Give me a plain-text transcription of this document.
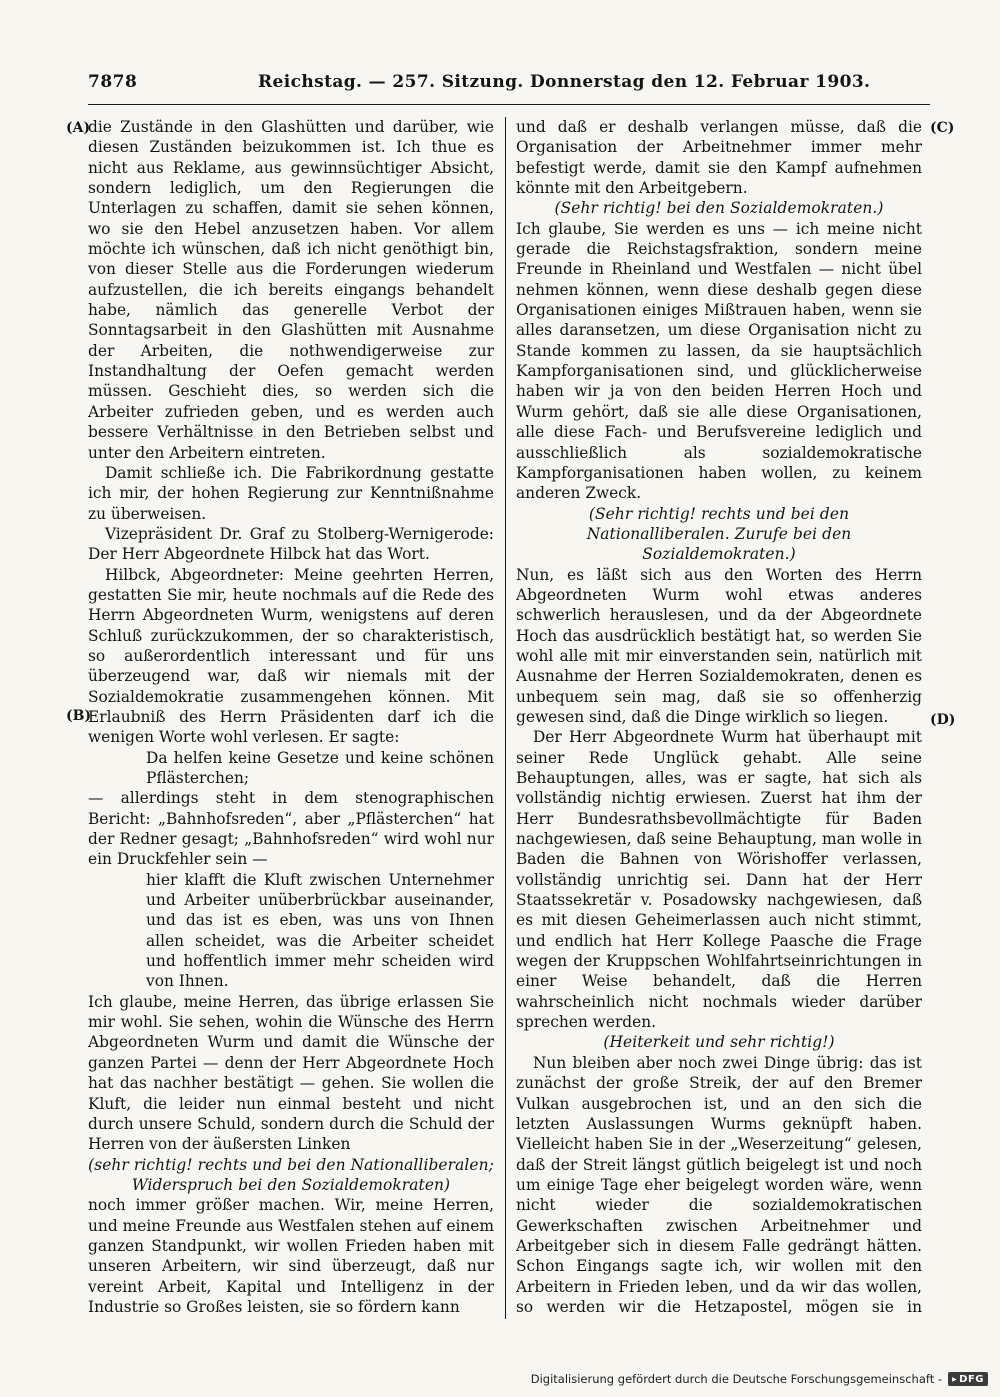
7878	Reichstag. — 257. Sitzung. Donnerstag den 12. Februar 1903.
(A)
(B)
(C)
(D)

die Zustände in den Glashütten und darüber, wie diesen Zuständen beizukommen ist. Ich thue es nicht aus Reklame, aus gewinnsüchtiger Absicht, sondern lediglich, um den Regierungen die Unterlagen zu schaffen, damit sie sehen können, wo sie den Hebel anzusetzen haben. Vor allem möchte ich wünschen, daß ich nicht genöthigt bin, von dieser Stelle aus die Forderungen wiederum aufzustellen, die ich bereits eingangs behandelt habe, nämlich das generelle Verbot der Sonntagsarbeit in den Glashütten mit Ausnahme der Arbeiten, die nothwendigerweise zur Instandhaltung der Oefen gemacht werden müssen. Geschieht dies, so werden sich die Arbeiter zufrieden geben, und es werden auch bessere Verhältnisse in den Betrieben selbst und unter den Arbeitern eintreten.

Damit schließe ich. Die Fabrikordnung gestatte ich mir, der hohen Regierung zur Kenntnißnahme zu überweisen.

Vizepräsident Dr. Graf zu Stolberg-Wernigerode: Der Herr Abgeordnete Hilbck hat das Wort.

Hilbck, Abgeordneter: Meine geehrten Herren, gestatten Sie mir, heute nochmals auf die Rede des Herrn Abgeordneten Wurm, wenigstens auf deren Schluß zurückzukommen, der so charakteristisch, so außerordentlich interessant und für uns überzeugend war, daß wir niemals mit der Sozialdemokratie zusammengehen können. Mit Erlaubniß des Herrn Präsidenten darf ich die wenigen Worte wohl verlesen. Er sagte:

Da helfen keine Gesetze und keine schönen Pflästerchen;

— allerdings steht in dem stenographischen Bericht: „Bahnhofsreden“, aber „Pflästerchen“ hat der Redner gesagt; „Bahnhofsreden“ wird wohl nur ein Druckfehler sein —

hier klafft die Kluft zwischen Unternehmer und Arbeiter unüberbrückbar auseinander, und das ist es eben, was uns von Ihnen allen scheidet, was die Arbeiter scheidet und hoffentlich immer mehr scheiden wird von Ihnen.

Ich glaube, meine Herren, das übrige erlassen Sie mir wohl. Sie sehen, wohin die Wünsche des Herrn Abgeordneten Wurm und damit die Wünsche der ganzen Partei — denn der Herr Abgeordnete Hoch hat das nachher bestätigt — gehen. Sie wollen die Kluft, die leider nun einmal besteht und nicht durch unsere Schuld, sondern durch die Schuld der Herren von der äußersten Linken

(sehr richtig! rechts und bei den Nationalliberalen; Widerspruch bei den Sozialdemokraten)

noch immer größer machen. Wir, meine Herren, und meine Freunde aus Westfalen stehen auf einem ganzen Standpunkt, wir wollen Frieden haben mit unseren Arbeitern, wir sind überzeugt, daß nur vereint Arbeit, Kapital und Intelligenz in der Industrie so Großes leisten, sie so fördern kann

und daß er deshalb verlangen müsse, daß die Organisation der Arbeitnehmer immer mehr befestigt werde, damit sie den Kampf aufnehmen könnte mit den Arbeitgebern.

(Sehr richtig! bei den Sozialdemokraten.)

Ich glaube, Sie werden es uns — ich meine nicht gerade die Reichstagsfraktion, sondern meine Freunde in Rheinland und Westfalen — nicht übel nehmen können, wenn diese deshalb gegen diese Organisationen einiges Mißtrauen haben, wenn sie alles daransetzen, um diese Organisation nicht zu Stande kommen zu lassen, da sie hauptsächlich Kampforganisationen sind, und glücklicherweise haben wir ja von den beiden Herren Hoch und Wurm gehört, daß sie alle diese Organisationen, alle diese Fach- und Berufsvereine lediglich und ausschließlich als sozialdemokratische Kampforganisationen haben wollen, zu keinem anderen Zweck.

(Sehr richtig! rechts und bei den Nationalliberalen. Zurufe bei den Sozialdemokraten.)

Nun, es läßt sich aus den Worten des Herrn Abgeordneten Wurm wohl etwas anderes schwerlich herauslesen, und da der Abgeordnete Hoch das ausdrücklich bestätigt hat, so werden Sie wohl alle mit mir einverstanden sein, natürlich mit Ausnahme der Herren Sozialdemokraten, denen es unbequem sein mag, daß sie so offenherzig gewesen sind, daß die Dinge wirklich so liegen.

Der Herr Abgeordnete Wurm hat überhaupt mit seiner Rede Unglück gehabt. Alle seine Behauptungen, alles, was er sagte, hat sich als vollständig nichtig erwiesen. Zuerst hat ihm der Herr Bundesrathsbevollmächtigte für Baden nachgewiesen, daß seine Behauptung, man wolle in Baden die Bahnen von Wörishoffer verlassen, vollständig unrichtig sei. Dann hat der Herr Staatssekretär v. Posadowsky nachgewiesen, daß es mit diesen Geheimerlassen auch nicht stimmt, und endlich hat Herr Kollege Paasche die Frage wegen der Kruppschen Wohlfahrtseinrichtungen in einer Weise behandelt, daß die Herren wahrscheinlich nicht nochmals wieder darüber sprechen werden.

(Heiterkeit und sehr richtig!)

Nun bleiben aber noch zwei Dinge übrig: das ist zunächst der große Streik, der auf den Bremer Vulkan ausgebrochen ist, und an den sich die letzten Auslassungen Wurms geknüpft haben. Vielleicht haben Sie in der „Weserzeitung“ gelesen, daß der Streit längst gütlich beigelegt ist und noch um einige Tage eher beigelegt worden wäre, wenn nicht wieder die sozialdemokratischen Gewerkschaften zwischen Arbeitnehmer und Arbeitgeber sich in diesem Falle gedrängt hätten. Schon Eingangs sagte ich, wir wollen mit den Arbeitern in Frieden leben, und da wir das wollen, so werden wir die Hetzapostel, mögen sie in

Digitalisierung gefördert durch die Deutsche Forschungsgemeinschaft -
▶	DFG
